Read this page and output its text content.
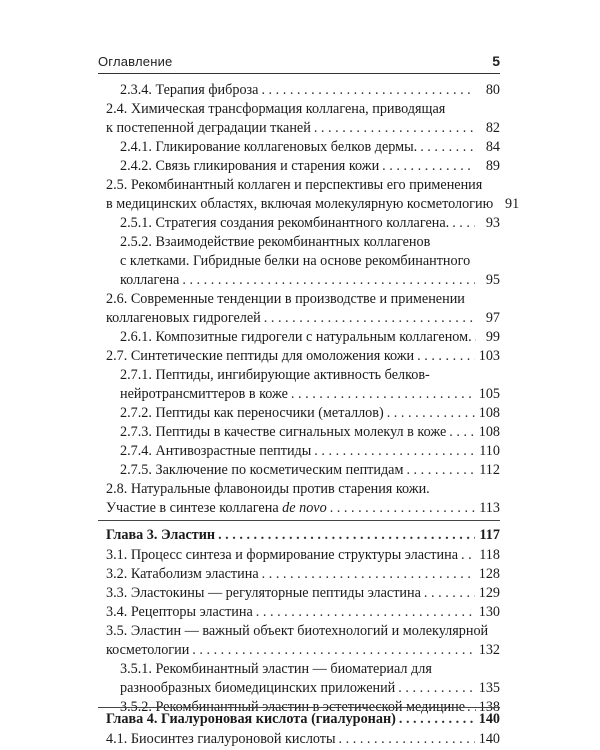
Оглавление	5
2.3.4. Терапия фиброза . . .	80
2.4. Химическая трансформация коллагена, приводящая
к постепенной деградации тканей . . .	82
2.4.1. Гликирование коллагеновых белков дермы. . . .	84
2.4.2. Связь гликирования и старения кожи . . .	89
2.5. Рекомбинантный коллаген и перспективы его применения
в медицинских областях, включая молекулярную косметологию 91
2.5.1. Стратегия создания рекомбинантного коллагена. . . .	93
2.5.2. Взаимодействие рекомбинантных коллагенов
с клетками. Гибридные белки на основе рекомбинантного
коллагена . . .	95
2.6. Современные тенденции в производстве и применении
коллагеновых гидрогелей . . .	97
2.6.1. Композитные гидрогели с натуральным коллагеном. . . . 99
2.7. Синтетические пептиды для омоложения кожи . . .	103
2.7.1. Пептиды, ингибирующие активность белков-
нейротрансмиттеров в коже . . .	105
2.7.2. Пептиды как переносчики (металлов) . . .	108
2.7.3. Пептиды в качестве сигнальных молекул в коже . . . 108
2.7.4. Антивозрастные пептиды . . .	110
2.7.5. Заключение по косметическим пептидам . . .	112
2.8. Натуральные флавоноиды против старения кожи.
Участие в синтезе коллагена de novo . . .	113
Глава 3. Эластин . . .	117
3.1. Процесс синтеза и формирование структуры эластина . . . 118
3.2. Катаболизм эластина . . .	128
3.3. Эластокины — регуляторные пептиды эластина . . .	129
3.4. Рецепторы эластина . . .	130
3.5. Эластин — важный объект биотехнологий и молекулярной
косметологии . . .	132
3.5.1. Рекомбинантный эластин — биоматериал для
разнообразных биомедицинских приложений . . .	135
3.5.2. Рекомбинантный эластин в эстетической медицине . . . 138
Глава 4. Гиалуроновая кислота (гиалуронан) . . .	140
4.1. Биосинтез гиалуроновой кислоты . . .	140
